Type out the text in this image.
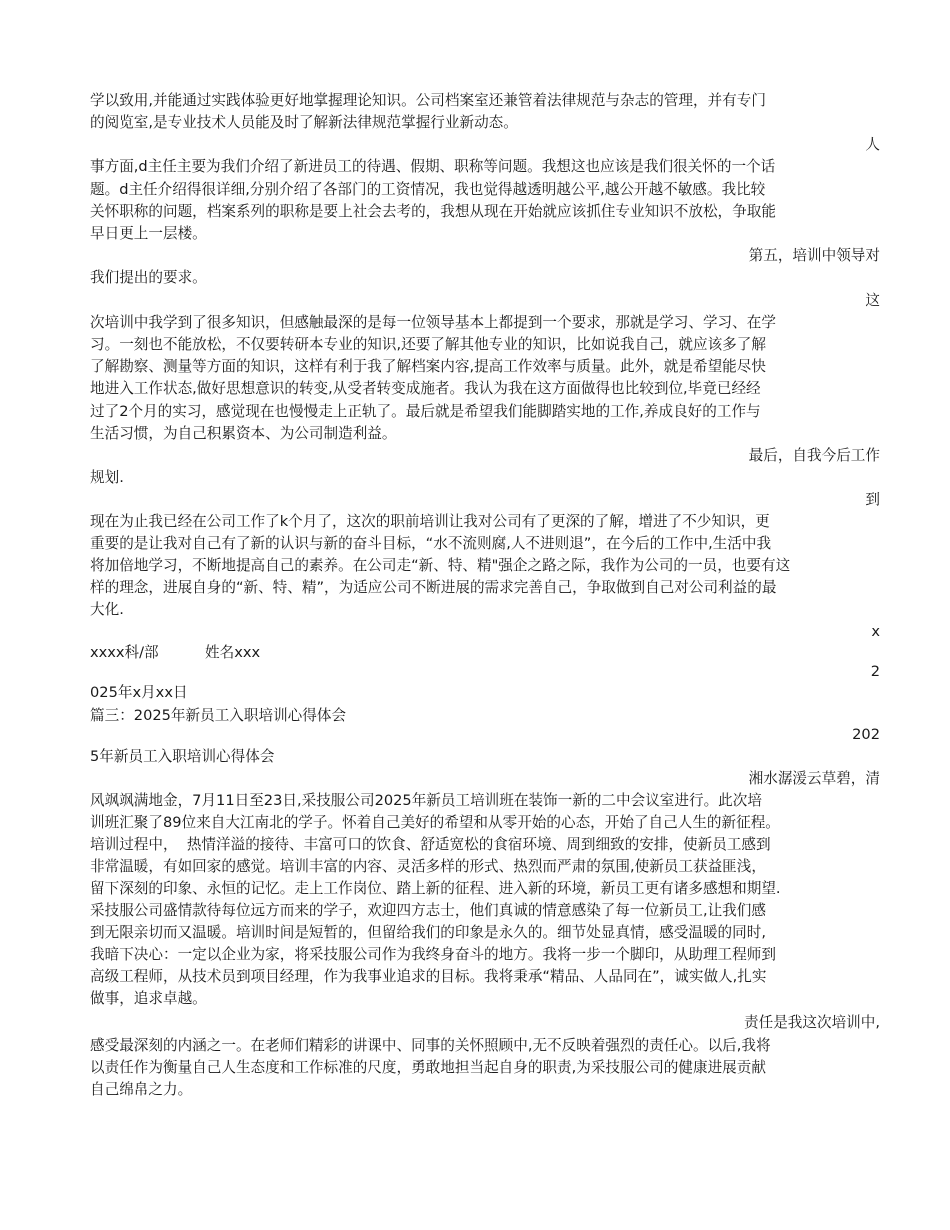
学以致用,并能通过实践体验更好地掌握理论知识。公司档案室还兼管着法律规范与杂志的管理，并有专门

的阅览室,是专业技术人员能及时了解新法律规范掌握行业新动态。

人

事方面,d主任主要为我们介绍了新进员工的待遇、假期、职称等问题。我想这也应该是我们很关怀的一个话

题。d主任介绍得很详细,分别介绍了各部门的工资情况，我也觉得越透明越公平,越公开越不敏感。我比较

关怀职称的问题，档案系列的职称是要上社会去考的，我想从现在开始就应该抓住专业知识不放松，争取能

早日更上一层楼。

第五，培训中领导对

我们提出的要求。

这

次培训中我学到了很多知识，但感触最深的是每一位领导基本上都提到一个要求，那就是学习、学习、在学

习。一刻也不能放松，不仅要转研本专业的知识,还要了解其他专业的知识，比如说我自己，就应该多了解

了解勘察、测量等方面的知识，这样有利于我了解档案内容,提高工作效率与质量。此外，就是希望能尽快

地进入工作状态,做好思想意识的转变,从受者转变成施者。我认为我在这方面做得也比较到位,毕竟已经经

过了2个月的实习，感觉现在也慢慢走上正轨了。最后就是希望我们能脚踏实地的工作,养成良好的工作与

生活习惯，为自己积累资本、为公司制造利益。

最后，自我今后工作

规划.

到

现在为止我已经在公司工作了k个月了，这次的职前培训让我对公司有了更深的了解，增进了不少知识，更

重要的是让我对自己有了新的认识与新的奋斗目标，“水不流则腐,人不进则退”，在今后的工作中,生活中我

将加倍地学习，不断地提高自己的素养。在公司走“新、特、精"强企之路之际，我作为公司的一员，也要有这

样的理念，进展自身的“新、特、精”，为适应公司不断进展的需求完善自己，争取做到自己对公司利益的最

大化.

x

xxxx科/部          姓名xxx

2

025年x月xx日

篇三：2025年新员工入职培训心得体会

202

5年新员工入职培训心得体会

湘水潺湲云草碧，清

风飒飒满地金，7月11日至23日,采技服公司2025年新员工培训班在装饰一新的二中会议室进行。此次培

训班汇聚了89位来自大江南北的学子。怀着自己美好的希望和从零开始的心态，开始了自己人生的新征程。

培训过程中，  热情洋溢的接待、丰富可口的饮食、舒适宽松的食宿环境、周到细致的安排，使新员工感到

非常温暖，有如回家的感觉。培训丰富的内容、灵活多样的形式、热烈而严肃的氛围,使新员工获益匪浅，

留下深刻的印象、永恒的记忆。走上工作岗位、踏上新的征程、进入新的环境，新员工更有诸多感想和期望.

采技服公司盛情款待每位远方而来的学子，欢迎四方志士，他们真诚的情意感染了每一位新员工,让我们感

到无限亲切而又温暖。培训时间是短暂的，但留给我们的印象是永久的。细节处显真情，感受温暖的同时,

我暗下决心：一定以企业为家，将采技服公司作为我终身奋斗的地方。我将一步一个脚印，从助理工程师到

高级工程师，从技术员到项目经理，作为我事业追求的目标。我将秉承“精品、人品同在”，诚实做人,扎实

做事，追求卓越。

责任是我这次培训中,

感受最深刻的内涵之一。在老师们精彩的讲课中、同事的关怀照顾中,无不反映着强烈的责任心。以后,我将

以责任作为衡量自己人生态度和工作标准的尺度，勇敢地担当起自身的职责,为采技服公司的健康进展贡献

自己绵帛之力。
